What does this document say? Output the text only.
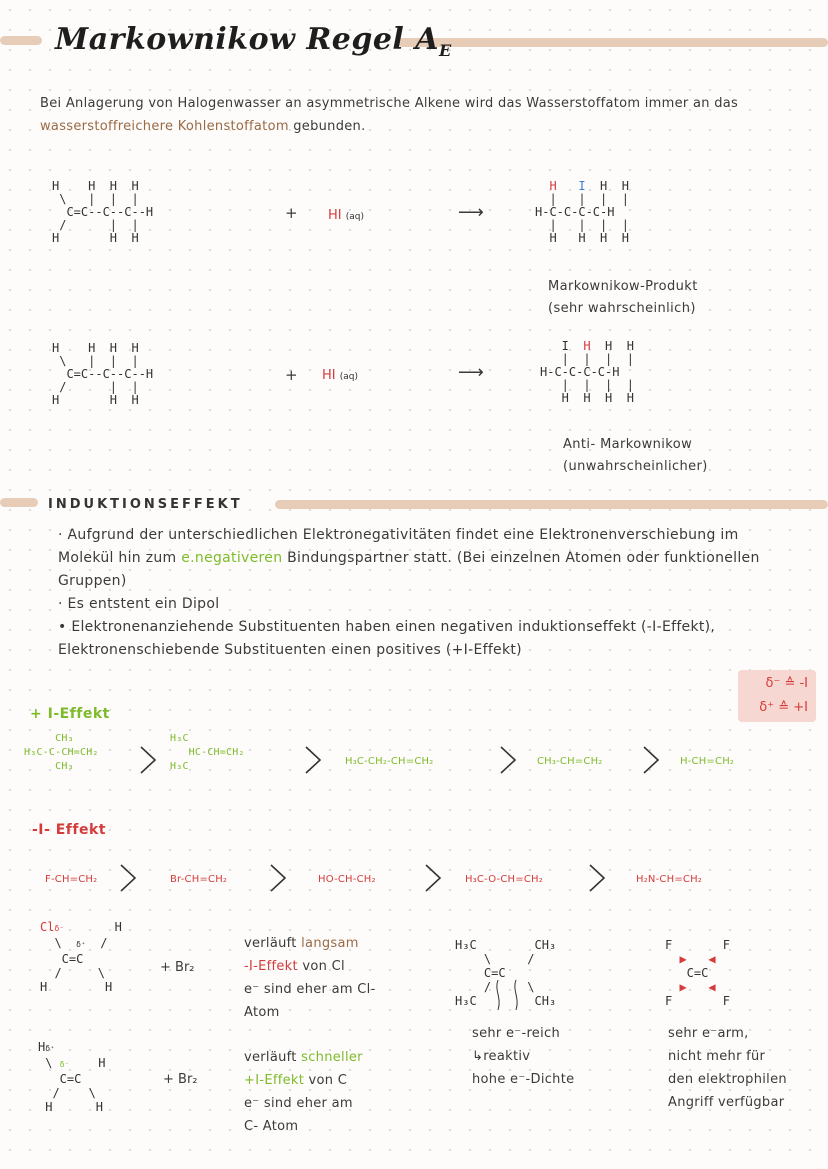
Markownikow Regel $A_E$
Bei Anlagerung von Halogenwasser an asymmetrische Alkene wird das Wasserstoffatom immer an das wasserstoffreichere Kohlenstoffatom gebunden.
H    H  H  H
\   |  |  |
C=C--C--C--H
/      |  |
H       H  H
+ HI (aq)	⟶
H I  H  H
|   |  |  |
H-C-C-C-C-H
|   |  |  |
H   H  H  H
Markownikow-Produkt
(sehr wahrscheinlich)
H    H  H  H
\   |  |  |
C=C--C--C--H
/      |  |
H       H  H
+ HI (aq)	⟶
I  H  H  H
|  |  |  |
H-C-C-C-C-H
|  |  |  |
H  H  H  H
Anti- Markownikow
(unwahrscheinlicher)
INDUKTIONSEFFEKT
· Aufgrund der unterschiedlichen Elektronegativitäten findet eine Elektronenverschiebung im Molekül hin zum e.negativeren Bindungspartner statt. (Bei einzelnen Atomen oder funktionellen Gruppen)
· Es entstent ein Dipol
• Elektronenanziehende Substituenten haben einen negativen induktionseffekt (-I-Effekt), Elektronenschiebende Substituenten einen positives (+I-Effekt)
δ⁻ ≙ -I
δ⁺ ≙ +I
+ I-Effekt
CH₃
H₃C-C-CH=CH₂
CH₃
H₃C
HC-CH=CH₂
H₃C	H₃C-CH₂-CH=CH₂	CH₃-CH=CH₂	H-CH=CH₂
-I- Effekt
F-CH=CH₂	Br-CH=CH₂	HO-CH-CH₂	H₃C-O-CH=CH₂	H₂N-CH=CH₂
Clδ⁻	H
\  δ⁺  /
C=C
/     \
H        H
+ Br₂
verläuft langsam
-I-Effekt von Cl
e⁻ sind eher am Cl-
Atom
Hδ⁺
\ δ⁻    H
C=C
/    \
H      H
+ Br₂
verläuft schneller
+I-Effekt von C
e⁻ sind eher am
C- Atom
H₃C        CH₃
\     /
C=C
/     \
H₃C        CH₃
sehr e⁻-reich
↳reaktiv
hohe e⁻-Dichte
F       F
▶ ◀
C=C
▶ ◀
F       F
sehr e⁻arm,
nicht mehr für
den elektrophilen
Angriff verfügbar
